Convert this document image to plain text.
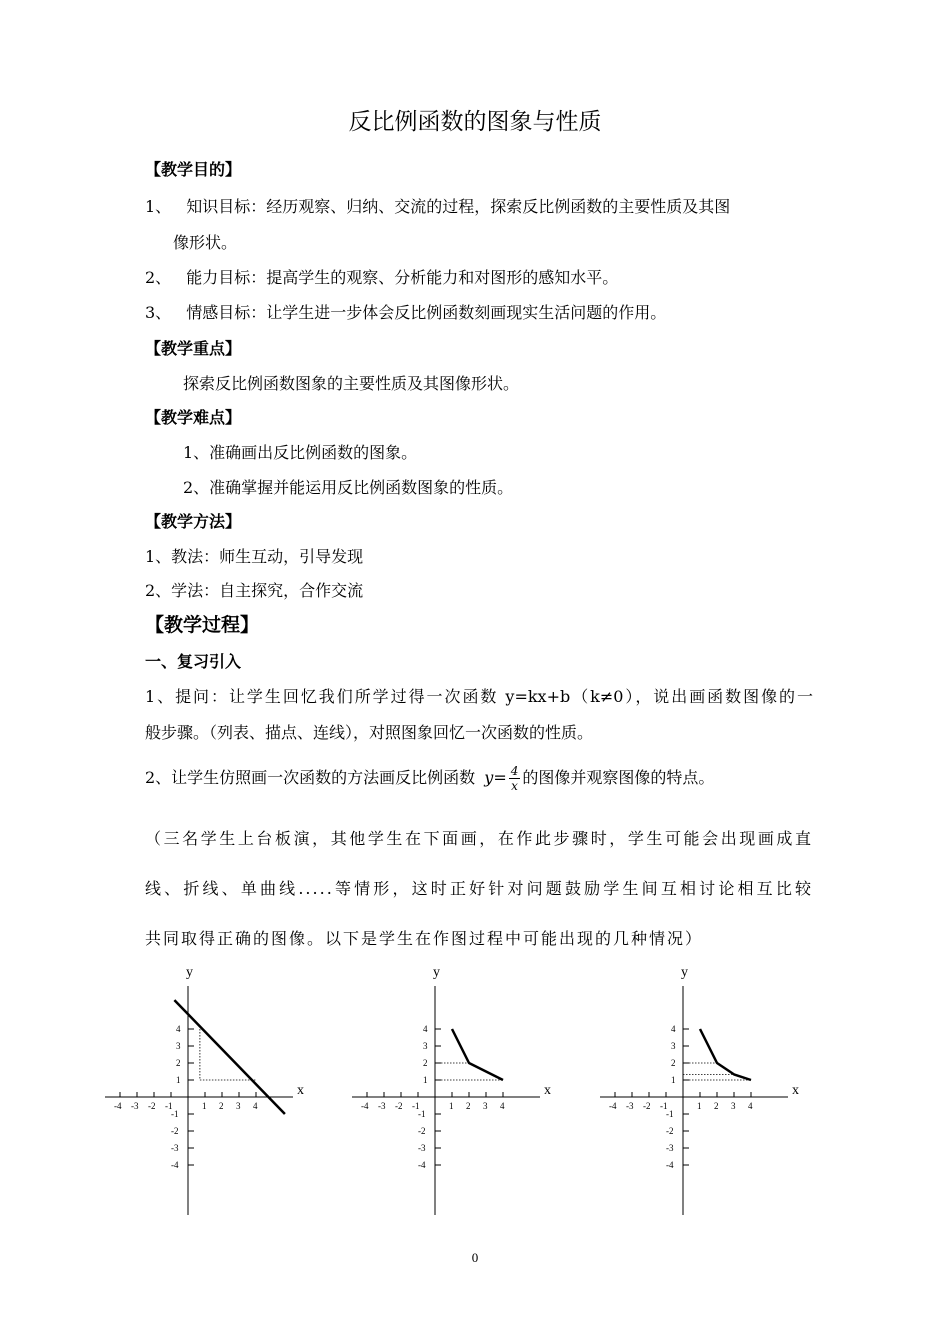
反比例函数的图象与性质
【教学目的】
1、 知识目标：经历观察、归纳、交流的过程，探索反比例函数的主要性质及其图
像形状。
2、 能力目标：提高学生的观察、分析能力和对图形的感知水平。
3、 情感目标：让学生进一步体会反比例函数刻画现实生活问题的作用。
【教学重点】
探索反比例函数图象的主要性质及其图像形状。
【教学难点】
1、准确画出反比例函数的图象。
2、准确掌握并能运用反比例函数图象的性质。
【教学方法】
1、教法：师生互动，引导发现
2、学法：自主探究，合作交流
【教学过程】
一、复习引入
1、提问：让学生回忆我们所学过得一次函数 y=kx+b（k≠0），说出画函数图像的一
般步骤。（列表、描点、连线），对照图象回忆一次函数的性质。
2、让学生仿照画一次函数的方法画反比例函数 $y= \frac{4}{x}$ 的图像并观察图像的特点。
（三名学生上台板演，其他学生在下面画，在作此步骤时，学生可能会出现画成直
线、折线、单曲线.....等情形，这时正好针对问题鼓励学生间互相讨论相互比较
共同取得正确的图像。以下是学生在作图过程中可能出现的几种情况）
x
y
-4 -3 -2 -1	1 2 3 4
-4
-3
-2
-1
1
2
3
4
x
y
-4 -3 -2 -1	1 2 3 4
-4
-3
-2
-1
1
2
3
4
x
y
-4 -3 -2 -1	1 2 3 4
-4
-3
-2
-1
1
2
3
4
0
